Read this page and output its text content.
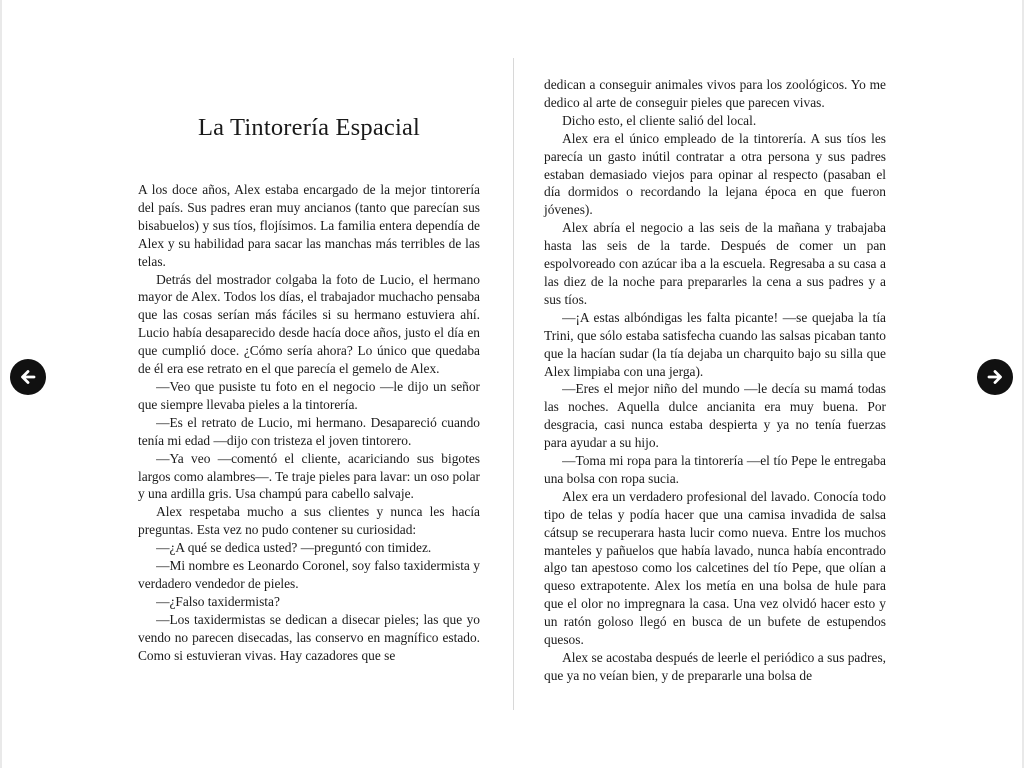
La Tintorería Espacial

A los doce años, Alex estaba encargado de la mejor tintorería del país. Sus padres eran muy ancianos (tanto que parecían sus bisabuelos) y sus tíos, flojísimos. La familia entera dependía de Alex y su habilidad para sacar las manchas más terribles de las telas.

Detrás del mostrador colgaba la foto de Lucio, el hermano mayor de Alex. Todos los días, el trabajador muchacho pensaba que las cosas serían más fáciles si su hermano estuviera ahí. Lucio había desaparecido desde hacía doce años, justo el día en que cumplió doce. ¿Cómo sería ahora? Lo único que quedaba de él era ese retrato en el que parecía el gemelo de Alex.

—Veo que pusiste tu foto en el negocio —le dijo un señor que siempre llevaba pieles a la tintorería.

—Es el retrato de Lucio, mi hermano. Desapareció cuando tenía mi edad —dijo con tristeza el joven tintorero.

—Ya veo —comentó el cliente, acariciando sus bigotes largos como alambres—. Te traje pieles para lavar: un oso polar y una ardilla gris. Usa champú para cabello salvaje.

Alex respetaba mucho a sus clientes y nunca les hacía preguntas. Esta vez no pudo contener su curiosidad:

—¿A qué se dedica usted? —preguntó con timidez.

—Mi nombre es Leonardo Coronel, soy falso taxidermista y verdadero vendedor de pieles.

—¿Falso taxidermista?

—Los taxidermistas se dedican a disecar pieles; las que yo vendo no parecen disecadas, las conservo en magnífico estado. Como si estuvieran vivas. Hay cazadores que se

dedican a conseguir animales vivos para los zoológicos. Yo me dedico al arte de conseguir pieles que parecen vivas.

Dicho esto, el cliente salió del local.

Alex era el único empleado de la tintorería. A sus tíos les parecía un gasto inútil contratar a otra persona y sus padres estaban demasiado viejos para opinar al respecto (pasaban el día dormidos o recordando la lejana época en que fueron jóvenes).

Alex abría el negocio a las seis de la mañana y trabajaba hasta las seis de la tarde. Después de comer un pan espolvoreado con azúcar iba a la escuela. Regresaba a su casa a las diez de la noche para prepararles la cena a sus padres y a sus tíos.

—¡A estas albóndigas les falta picante! —se quejaba la tía Trini, que sólo estaba satisfecha cuando las salsas picaban tanto que la hacían sudar (la tía dejaba un charquito bajo su silla que Alex limpiaba con una jerga).

—Eres el mejor niño del mundo —le decía su mamá todas las noches. Aquella dulce ancianita era muy buena. Por desgracia, casi nunca estaba despierta y ya no tenía fuerzas para ayudar a su hijo.

—Toma mi ropa para la tintorería —el tío Pepe le entregaba una bolsa con ropa sucia.

Alex era un verdadero profesional del lavado. Conocía todo tipo de telas y podía hacer que una camisa invadida de salsa cátsup se recuperara hasta lucir como nueva. Entre los muchos manteles y pañuelos que había lavado, nunca había encontrado algo tan apestoso como los calcetines del tío Pepe, que olían a queso extrapotente. Alex los metía en una bolsa de hule para que el olor no impregnara la casa. Una vez olvidó hacer esto y un ratón goloso llegó en busca de un bufete de estupendos quesos.

Alex se acostaba después de leerle el periódico a sus padres, que ya no veían bien, y de prepararle una bolsa de
